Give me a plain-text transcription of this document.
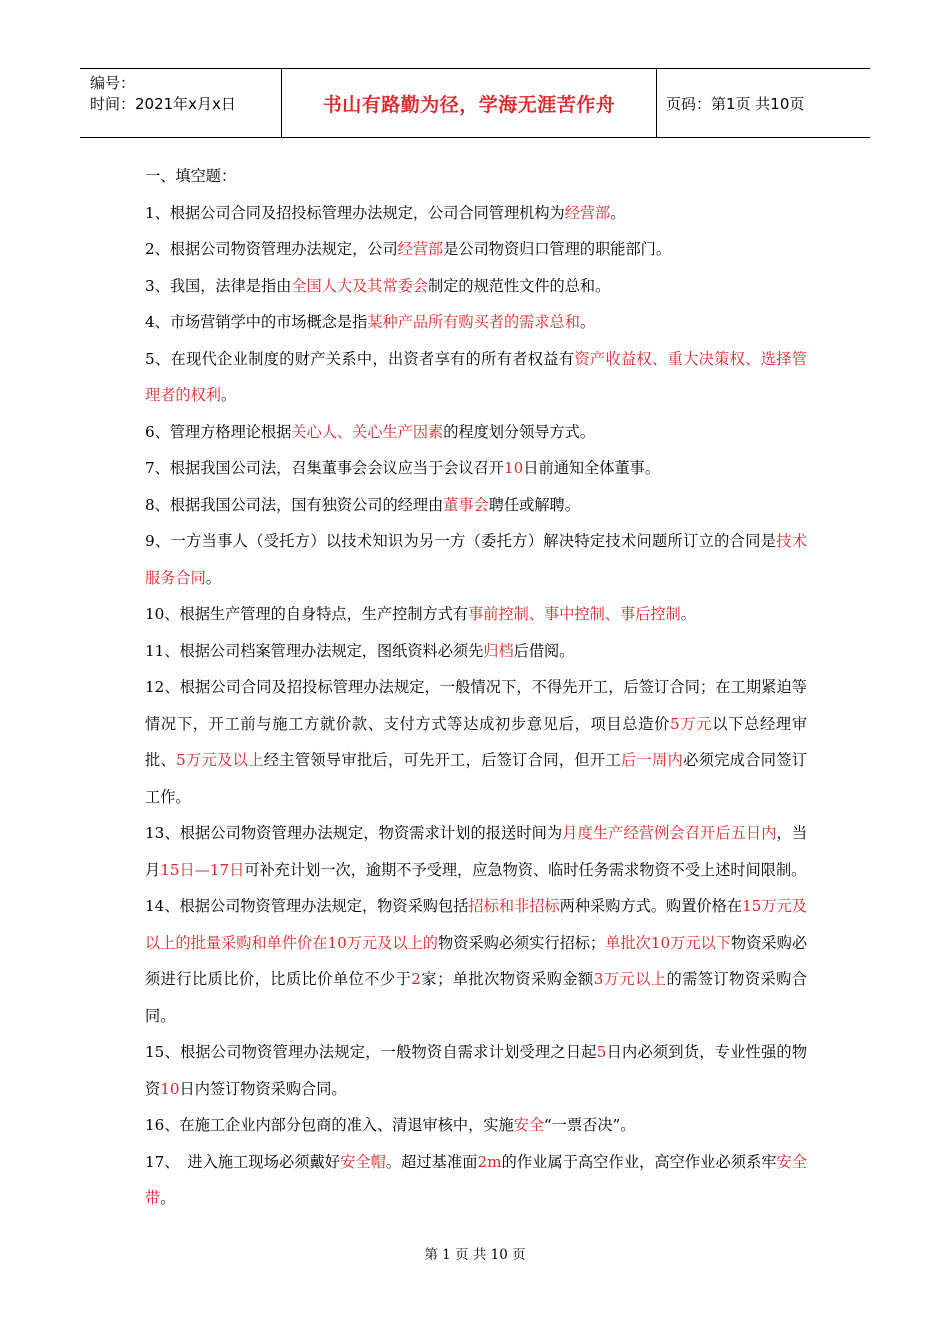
编号：
时间：2021年x月x日	书山有路勤为径，学海无涯苦作舟	页码：第1页 共10页

一、填空题：

1、根据公司合同及招投标管理办法规定，公司合同管理机构为经营部。

2、根据公司物资管理办法规定，公司经营部是公司物资归口管理的职能部门。

3、我国，法律是指由全国人大及其常委会制定的规范性文件的总和。

4、市场营销学中的市场概念是指某种产品所有购买者的需求总和。

5、在现代企业制度的财产关系中，出资者享有的所有者权益有资产收益权、重大决策权、选择管理者的权利。

6、管理方格理论根据关心人、关心生产因素的程度划分领导方式。

7、根据我国公司法，召集董事会会议应当于会议召开10日前通知全体董事。

8、根据我国公司法，国有独资公司的经理由董事会聘任或解聘。

9、一方当事人（受托方）以技术知识为另一方（委托方）解决特定技术问题所订立的合同是技术服务合同。

10、根据生产管理的自身特点，生产控制方式有事前控制、事中控制、事后控制。

11、根据公司档案管理办法规定，图纸资料必须先归档后借阅。

12、根据公司合同及招投标管理办法规定，一般情况下，不得先开工，后签订合同；在工期紧迫等情况下，开工前与施工方就价款、支付方式等达成初步意见后，项目总造价5万元以下总经理审批、5万元及以上经主管领导审批后，可先开工，后签订合同，但开工后一周内必须完成合同签订工作。

13、根据公司物资管理办法规定，物资需求计划的报送时间为月度生产经营例会召开后五日内，当月15日—17日可补充计划一次，逾期不予受理，应急物资、临时任务需求物资不受上述时间限制。

14、根据公司物资管理办法规定，物资采购包括招标和非招标两种采购方式。购置价格在15万元及以上的批量采购和单件价在10万元及以上的物资采购必须实行招标；单批次10万元以下物资采购必须进行比质比价，比质比价单位不少于2家；单批次物资采购金额3万元以上的需签订物资采购合同。

15、根据公司物资管理办法规定，一般物资自需求计划受理之日起5日内必须到货，专业性强的物资10日内签订物资采购合同。

16、在施工企业内部分包商的准入、清退审核中，实施安全“一票否决”。

17、　进入施工现场必须戴好安全帽。超过基准面2m的作业属于高空作业，高空作业必须系牢安全带。

第 1 页 共 10 页
